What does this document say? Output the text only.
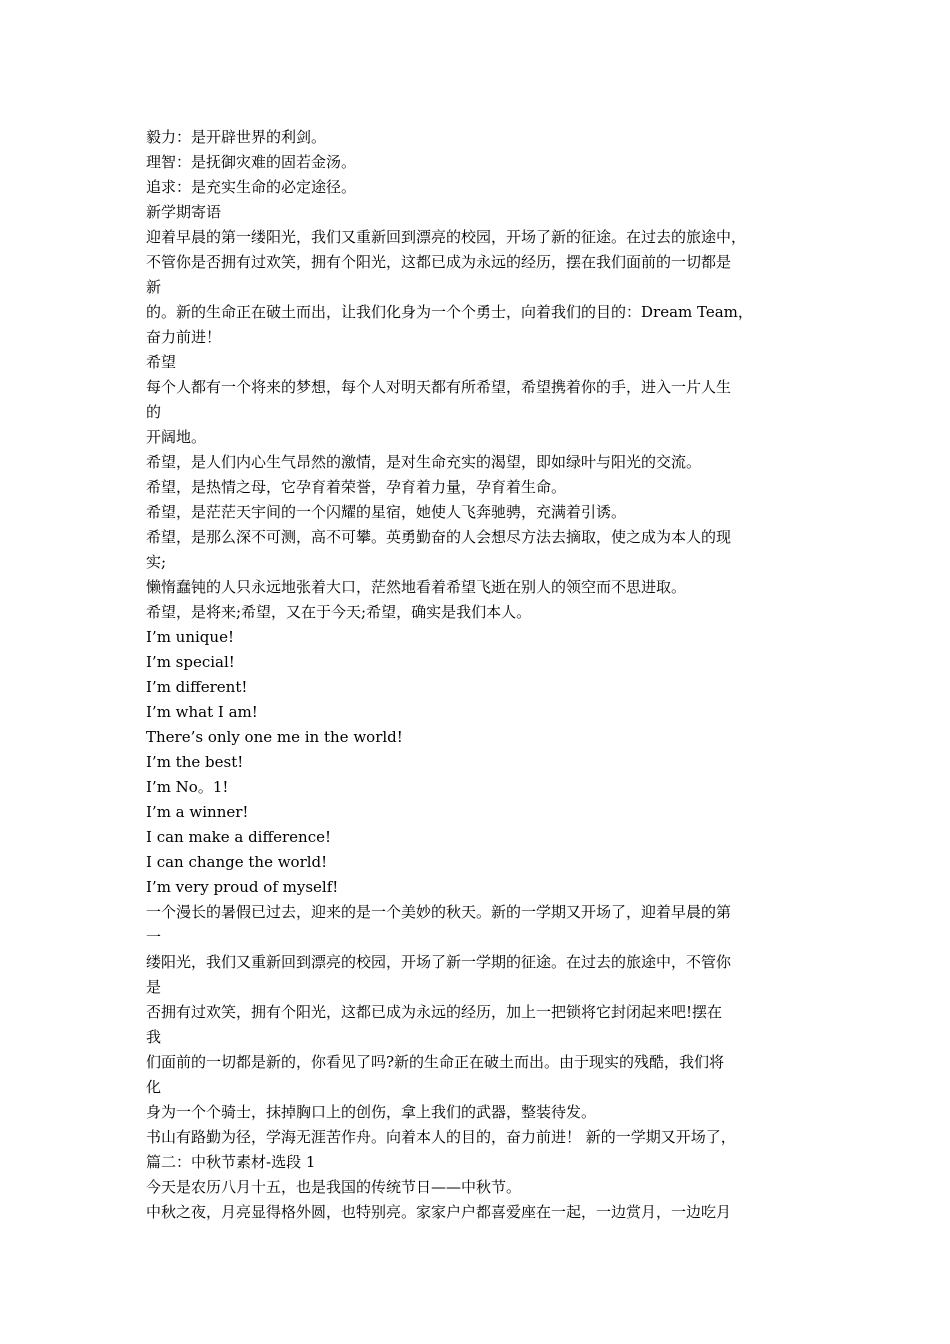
毅力：是开辟世界的利剑。
理智：是抚御灾难的固若金汤。
追求：是充实生命的必定途径。
新学期寄语
迎着早晨的第一缕阳光，我们又重新回到漂亮的校园，开场了新的征途。在过去的旅途中，
不管你是否拥有过欢笑，拥有个阳光，这都已成为永远的经历，摆在我们面前的一切都是
新
的。新的生命正在破土而出，让我们化身为一个个勇士，向着我们的目的：Dream Team，
奋力前进！
希望
每个人都有一个将来的梦想，每个人对明天都有所希望，希望携着你的手，进入一片人生
的
开阔地。
希望，是人们内心生气昂然的激情，是对生命充实的渴望，即如绿叶与阳光的交流。
希望，是热情之母，它孕育着荣誉，孕育着力量，孕育着生命。
希望，是茫茫天宇间的一个闪耀的星宿，她使人飞奔驰骋，充满着引诱。
希望，是那么深不可测，高不可攀。英勇勤奋的人会想尽方法去摘取，使之成为本人的现
实;
懒惰蠢钝的人只永远地张着大口，茫然地看着希望飞逝在别人的领空而不思进取。
希望，是将来;希望，又在于今天;希望，确实是我们本人。
I’m unique!
I’m special!
I’m different!
I’m what I am!
There’s only one me in the world!
I’m the best!
I’m No。1!
I’m a winner!
I can make a difference!
I can change the world!
I’m very proud of myself!
一个漫长的暑假已过去，迎来的是一个美妙的秋天。新的一学期又开场了，迎着早晨的第
一
缕阳光，我们又重新回到漂亮的校园，开场了新一学期的征途。在过去的旅途中，不管你
是
否拥有过欢笑，拥有个阳光，这都已成为永远的经历，加上一把锁将它封闭起来吧!摆在
我
们面前的一切都是新的，你看见了吗?新的生命正在破土而出。由于现实的残酷，我们将
化
身为一个个骑士，抹掉胸口上的创伤，拿上我们的武器，整装待发。
书山有路勤为径，学海无涯苦作舟。向着本人的目的，奋力前进！ 新的一学期又开场了，
篇二：中秋节素材-选段 1
今天是农历八月十五，也是我国的传统节日——中秋节。
中秋之夜，月亮显得格外圆，也特别亮。家家户户都喜爱座在一起，一边赏月，一边吃月
